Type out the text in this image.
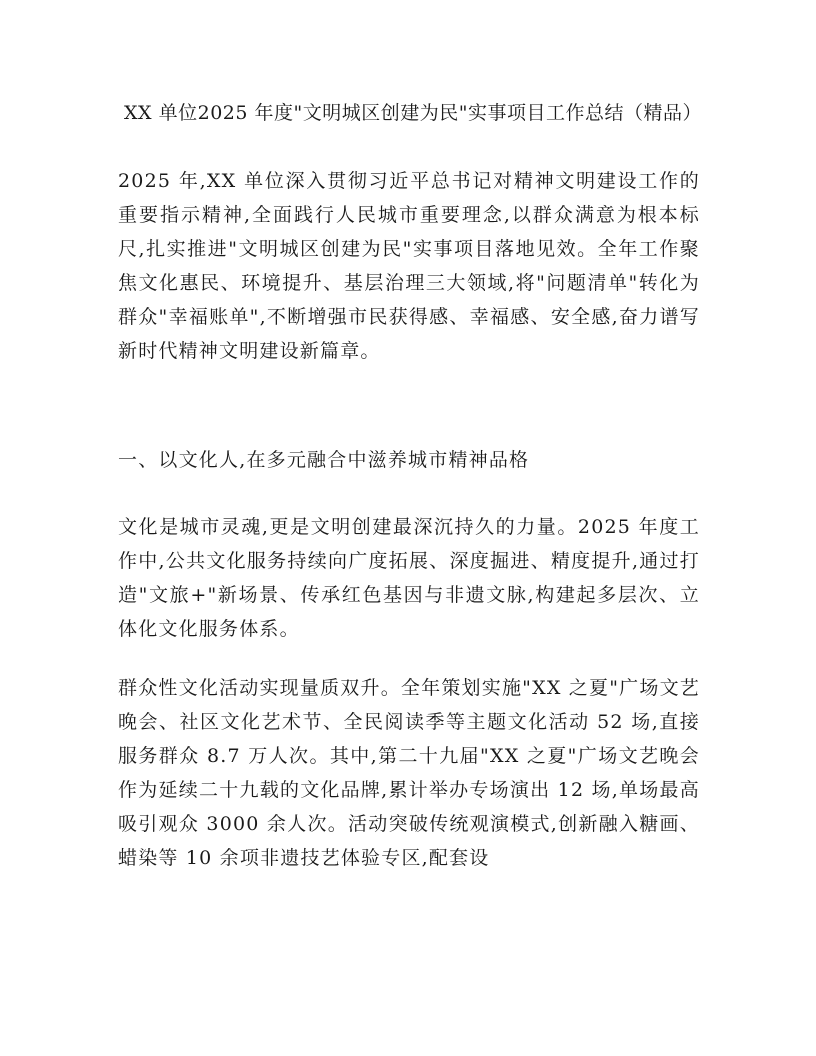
XX 单位2025 年度"文明城区创建为民"实事项目工作总结（精品）

2025 年,XX 单位深入贯彻习近平总书记对精神文明建设工作的重要指示精神,全面践行人民城市重要理念,以群众满意为根本标尺,扎实推进"文明城区创建为民"实事项目落地见效。全年工作聚焦文化惠民、环境提升、基层治理三大领域,将"问题清单"转化为群众"幸福账单",不断增强市民获得感、幸福感、安全感,奋力谱写新时代精神文明建设新篇章。

一、以文化人,在多元融合中滋养城市精神品格

文化是城市灵魂,更是文明创建最深沉持久的力量。2025 年度工作中,公共文化服务持续向广度拓展、深度掘进、精度提升,通过打造"文旅+"新场景、传承红色基因与非遗文脉,构建起多层次、立体化文化服务体系。

群众性文化活动实现量质双升。全年策划实施"XX 之夏"广场文艺晚会、社区文化艺术节、全民阅读季等主题文化活动 52 场,直接服务群众 8.7 万人次。其中,第二十九届"XX 之夏"广场文艺晚会作为延续二十九载的文化品牌,累计举办专场演出 12 场,单场最高吸引观众 3000 余人次。活动突破传统观演模式,创新融入糖画、蜡染等 10 余项非遗技艺体验专区,配套设
